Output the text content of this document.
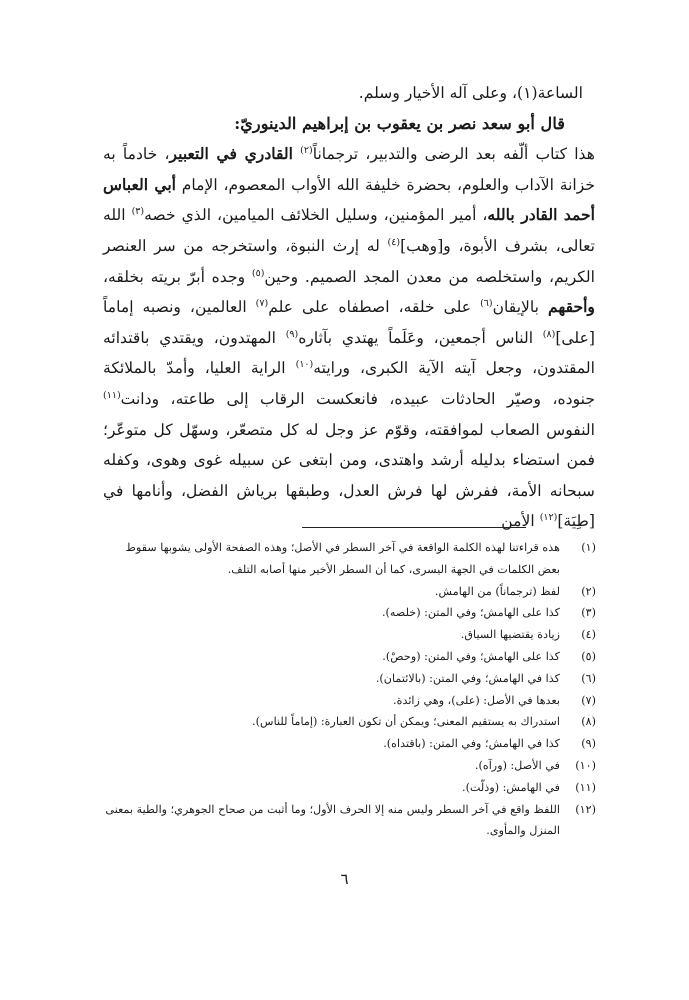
الساعة(١)، وعلى آله الأخيار وسلم.

قال أبو سعد نصر بن يعقوب بن إبراهيم الدينوريّ:

هذا كتاب ألّفه بعد الرضى والتدبير، ترجماناً$^{(٢)}$ القادري في التعبير، خادماً به خزانة الآداب والعلوم، بحضرة خليفة الله الأواب المعصوم، الإمام أبي العباس أحمد القادر بالله، أمير المؤمنين، وسليل الخلائف الميامين، الذي خصه$^{(٣)}$ الله تعالى، بشرف الأبوة، و[وهب]$^{(٤)}$ له إرث النبوة، واستخرجه من سر العنصر الكريم، واستخلصه من معدن المجد الصميم. وحين$^{(٥)}$ وجده أبرّ بريته بخلقه، وأحقهم بالإيقان$^{(٦)}$ على خلقه، اصطفاه على علم$^{(٧)}$ العالمين، ونصبه إماماً [على]$^{(٨)}$ الناس أجمعين، وعَلَماً يهتدي بآثاره$^{(٩)}$ المهتدون، ويقتدي باقتدائه المقتدون، وجعل آيته الآية الكبرى، ورايته$^{(١٠)}$ الراية العليا، وأمدّ بالملائكة جنوده، وصيّر الحادثات عبيده، فانعكست الرقاب إلى طاعته، ودانت$^{(١١)}$ النفوس الصعاب لموافقته، وقوّم عز وجل له كل متصعّر، وسهّل كل متوعّر؛ فمن استضاء بدليله أرشد واهتدى، ومن ابتغى عن سبيله غوى وهوى، وكفله سبحانه الأمة، ففرش لها فرش العدل، وطبقها برياش الفضل، وأنامها في [طِيَة]$^{(١٢)}$ الأمن

(١)
هذه قراءتنا لهذه الكلمة الواقعة في آخر السطر في الأصل؛ وهذه الصفحة الأولى يشوبها سقوط بعض الكلمات في الجهة اليسرى، كما أن السطر الأخير منها أصابه التلف.
(٢)
لفظ (ترجماناً) من الهامش.
(٣)
كذا على الهامش؛ وفي المتن: (خلصه).
(٤)
زيادة يقتضيها السياق.
(٥)
كذا على الهامش؛ وفي المتن: (وحصْ).
(٦)
كذا في الهامش؛ وفي المتن: (بالائتمان).
(٧)
بعدها في الأصل: (على)، وهي زائدة.
(٨)
استدراك به يستقيم المعنى؛ ويمكن أن تكون العبارة: (إماماً للناس).
(٩)
كذا في الهامش؛ وفي المتن: (باقتداه).
(١٠)
في الأصل: (ورآه).
(١١)
في الهامش: (وذلّت).
(١٢)
اللفظ واقع في آخر السطر وليس منه إلا الحرف الأول؛ وما أثبت من صحاح الجوهري؛ والطية بمعنى المنزل والمأوى.
٦
